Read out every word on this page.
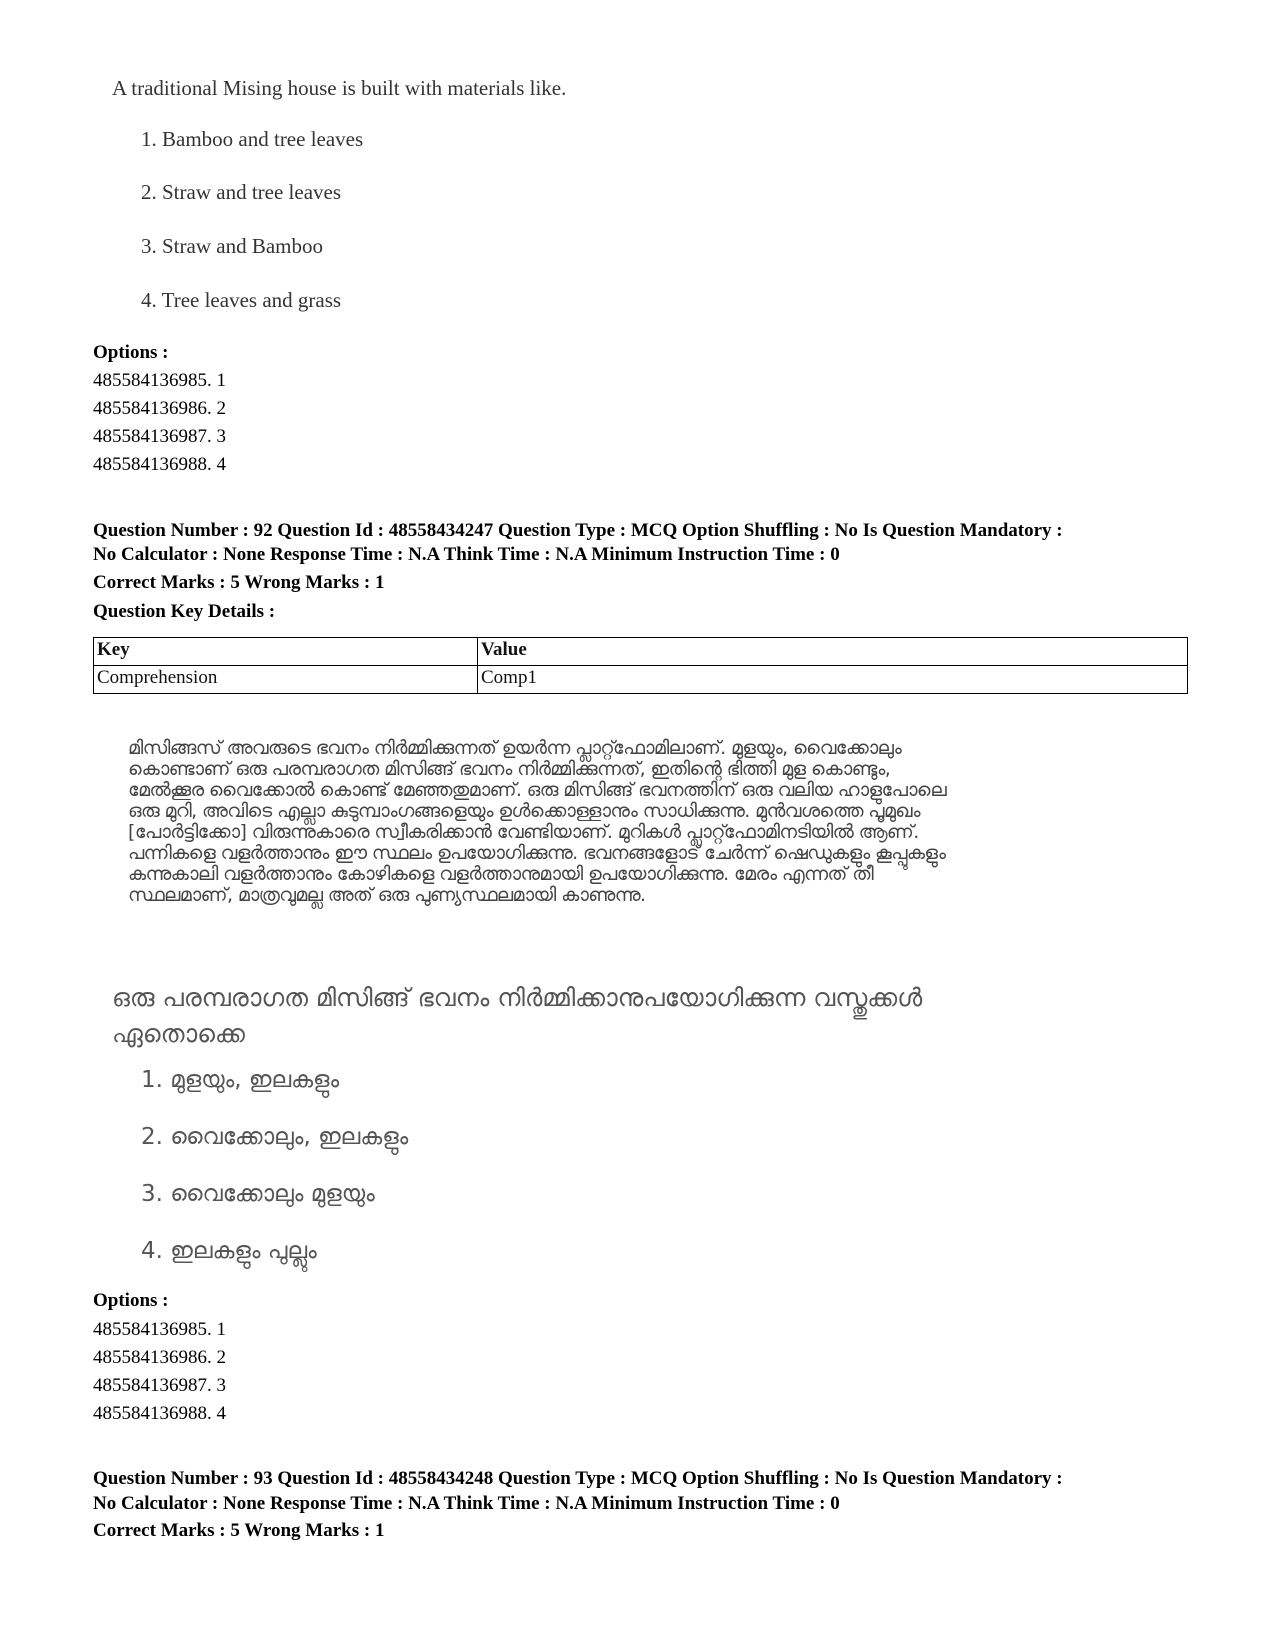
A traditional Mising house is built with materials like.
1. Bamboo and tree leaves
2. Straw and tree leaves
3. Straw and Bamboo
4. Tree leaves and grass
Options :
485584136985. 1
485584136986. 2
485584136987. 3
485584136988. 4
Question Number : 92 Question Id : 48558434247 Question Type : MCQ Option Shuffling : No Is Question Mandatory :
No Calculator : None Response Time : N.A Think Time : N.A Minimum Instruction Time : 0
Correct Marks : 5 Wrong Marks : 1
Question Key Details :
Key	Value
Comprehension	Comp1
മിസിങ്ങസ് അവരുടെ ഭവനം നിർമ്മിക്കുന്നത് ഉയർന്ന പ്ലാറ്റ്ഫോമിലാണ്. മുളയും, വൈക്കോലും
കൊണ്ടാണ് ഒരു പരമ്പരാഗത മിസിങ്ങ് ഭവനം നിർമ്മിക്കുന്നത്, ഇതിന്റെ ഭിത്തി മുള കൊണ്ടും,
മേൽക്കൂര വൈക്കോൽ കൊണ്ട് മേഞ്ഞതുമാണ്. ഒരു മിസിങ്ങ് ഭവനത്തിന് ഒരു വലിയ ഹാളുപോലെ
ഒരു മുറി, അവിടെ എല്ലാ കുടുമ്പാംഗങ്ങളെയും ഉൾക്കൊള്ളാനും സാധിക്കുന്നു. മുൻവശത്തെ പൂമുഖം
[പോർട്ടിക്കോ] വിരുന്നുകാരെ സ്വീകരിക്കാൻ വേണ്ടിയാണ്. മുറികൾ പ്ലാറ്റ്ഫോമിനടിയിൽ ആണ്.
പന്നികളെ വളർത്താനും ഈ സ്ഥലം ഉപയോഗിക്കുന്നു. ഭവനങ്ങളോട് ചേർന്ന് ഷെഡുകളും കൂപ്പുകളും
കന്നുകാലി വളർത്താനും കോഴികളെ വളർത്താനുമായി ഉപയോഗിക്കുന്നു. മേരം എന്നത് തീ
സ്ഥലമാണ്, മാത്രവുമല്ല അത് ഒരു പുണ്യസ്ഥലമായി കാണുന്നു.
ഒരു പരമ്പരാഗത മിസിങ്ങ് ഭവനം നിർമ്മിക്കാനുപയോഗിക്കുന്ന വസ്തുക്കൾ
ഏതൊക്കെ
1. മുളയും, ഇലകളും
2. വൈക്കോലും, ഇലകളും
3. വൈക്കോലും മുളയും
4. ഇലകളും പുല്ലും
Options :
485584136985. 1
485584136986. 2
485584136987. 3
485584136988. 4
Question Number : 93 Question Id : 48558434248 Question Type : MCQ Option Shuffling : No Is Question Mandatory :
No Calculator : None Response Time : N.A Think Time : N.A Minimum Instruction Time : 0
Correct Marks : 5 Wrong Marks : 1
